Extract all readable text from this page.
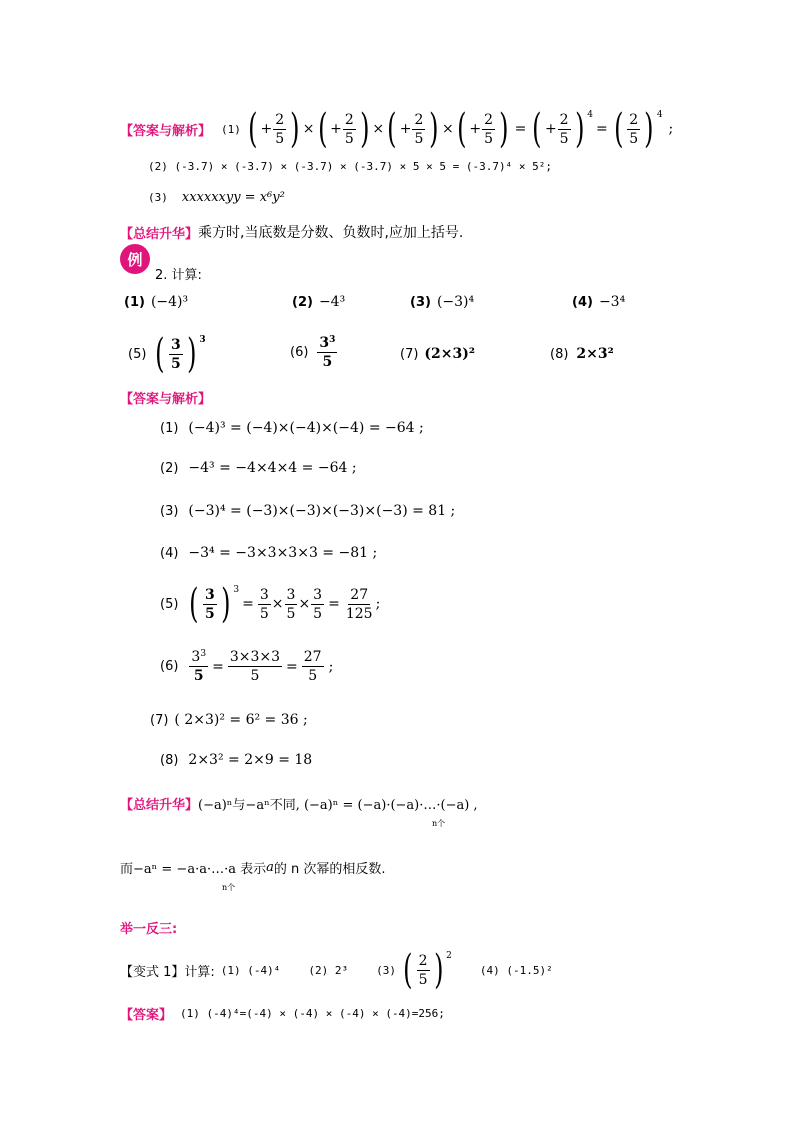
【答案与解析】 (1) ( + $\frac{2}{5}$ ) × ( + $\frac{2}{5}$ ) × ( + $\frac{2}{5}$ ) × ( + $\frac{2}{5}$ ) = ( + $\frac{2}{5}$ ) 4
= ( $\frac{2}{5}$ ) 4
;
(2) (-3.7) × (-3.7) × (-3.7) × (-3.7) × 5 × 5 = (-3.7)⁴ × 5²;
(3) xxxxxxyy = x⁶y²
【总结升华】 乘方时,当底数是分数、负数时,应加上括号.
例
2. 计算:
(1) (−4)³	(2) −4³	(3) (−3)⁴	(4) −3⁴
(5) ( $\frac{3}{5}$ ) 3
$(6) \frac{3^3}{5}$	(7) (2×3)²	(8) 2×3²
【答案与解析】
(1) (−4)³ = (−4)×(−4)×(−4) = −64 ;
(2) −4³ = −4×4×4 = −64 ;
(3) (−3)⁴ = (−3)×(−3)×(−3)×(−3) = 81 ;
(4) −3⁴ = −3×3×3×3 = −81 ;
(5) ( $\frac{3}{5}$ ) 3
= $\frac{3}{5} \times \frac{3}{5} \times \frac{3}{5} = \frac{27}{125}$ ;
$(6) \frac{3^3}{5} = \frac{3\times 3\times 3}{5} = \frac{27}{5}$ ;
(7) ( 2×3)² = 6² = 36 ;
(8) 2×3² = 2×9 = 18
【总结升华】 (−a)ⁿ与−aⁿ不同, (−a)ⁿ = (−a)·(−a)·…·(−a) ,
n个
而−aⁿ = −a·a·…·a 表示 a 的 n 次幂的相反数.
n个
举一反三:
【变式 1】 计算: (1) (-4)⁴	(2) 2³	(3) ( $\frac{2}{5}$ ) 2
(4) (-1.5)²
【答案】 (1) (-4)⁴=(-4) × (-4) × (-4) × (-4)=256;
